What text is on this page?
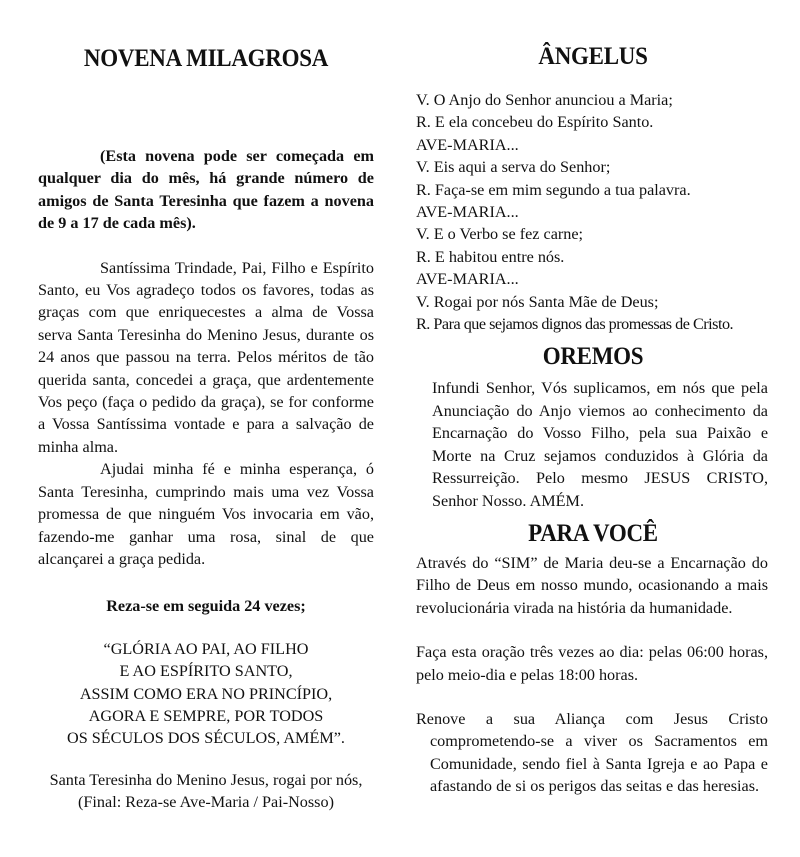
NOVENA MILAGROSA

(Esta novena pode ser começada em qualquer dia do mês, há grande número de amigos de Santa Teresinha que fazem a novena de 9 a 17 de cada mês).

Santíssima Trindade, Pai, Filho e Espírito Santo, eu Vos agradeço todos os favores, todas as graças com que enriquecestes a alma de Vossa serva Santa Teresinha do Menino Jesus, durante os 24 anos que passou na terra. Pelos méritos de tão querida santa, concedei a graça, que ardentemente Vos peço (faça o pedido da graça), se for conforme a Vossa Santíssima vontade e para a salvação de minha alma.

Ajudai minha fé e minha esperança, ó Santa Teresinha, cumprindo mais uma vez Vossa promessa de que ninguém Vos invocaria em vão, fazendo-me ganhar uma rosa, sinal de que alcançarei a graça pedida.

Reza-se em seguida 24 vezes;

“GLÓRIA AO PAI, AO FILHO
E AO ESPÍRITO SANTO,
ASSIM COMO ERA NO PRINCÍPIO,
AGORA E SEMPRE, POR TODOS
OS SÉCULOS DOS SÉCULOS, AMÉM”.
Santa Teresinha do Menino Jesus, rogai por nós,
(Final: Reza-se Ave-Maria / Pai-Nosso)
ÂNGELUS
V. O Anjo do Senhor anunciou a Maria;
R. E ela concebeu do Espírito Santo.
AVE-MARIA...
V. Eis aqui a serva do Senhor;
R. Faça-se em mim segundo a tua palavra.
AVE-MARIA...
V. E o Verbo se fez carne;
R. E habitou entre nós.
AVE-MARIA...
V. Rogai por nós Santa Mãe de Deus;
R. Para que sejamos dignos das promessas de Cristo.
OREMOS

Infundi Senhor, Vós suplicamos, em nós que pela Anunciação do Anjo viemos ao conhecimento da Encarnação do Vosso Filho, pela sua Paixão e Morte na Cruz sejamos conduzidos à Glória da Ressurreição. Pelo mesmo JESUS CRISTO, Senhor Nosso. AMÉM.

PARA VOCÊ

Através do “SIM” de Maria deu-se a Encarnação do Filho de Deus em nosso mundo, ocasionando a mais revolucionária virada na história da humanidade.

Faça esta oração três vezes ao dia: pelas 06:00 horas, pelo meio-dia e pelas 18:00 horas.

Renove a sua Aliança com Jesus Cristo comprometendo-se a viver os Sacramentos em Comunidade, sendo fiel à Santa Igreja e ao Papa e afastando de si os perigos das seitas e das heresias.
